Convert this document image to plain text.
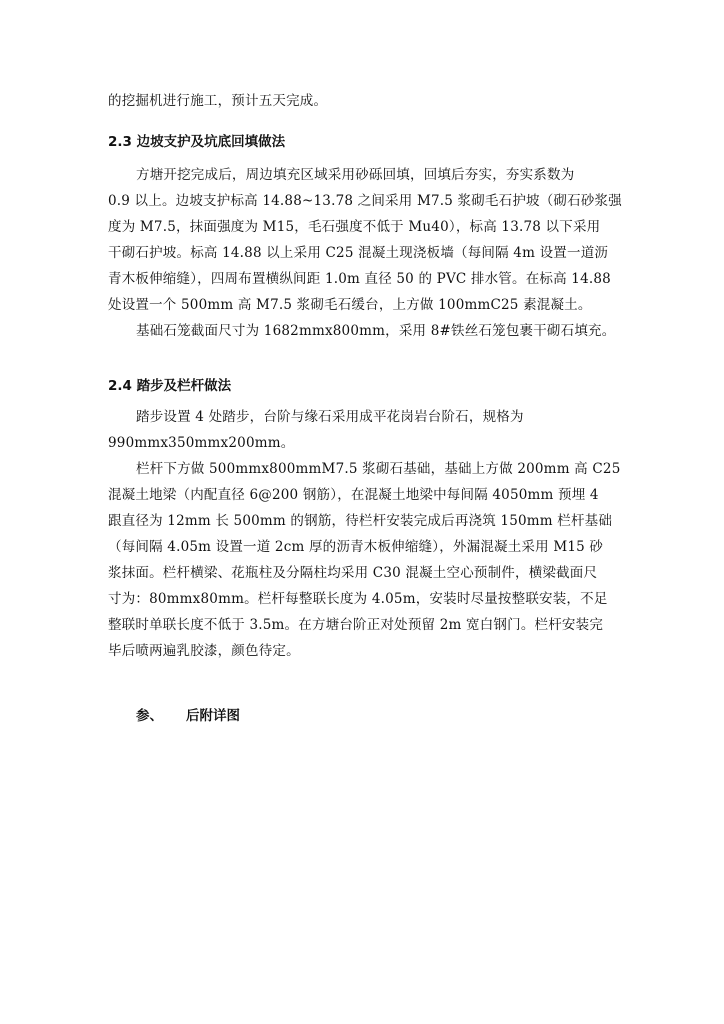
的挖掘机进行施工，预计五天完成。
2.3 边坡支护及坑底回填做法
方塘开挖完成后，周边填充区域采用砂砾回填，回填后夯实，夯实系数为
0.9 以上。边坡支护标高 14.88~13.78 之间采用 M7.5 浆砌毛石护坡（砌石砂浆强
度为 M7.5，抹面强度为 M15，毛石强度不低于 Mu40），标高 13.78 以下采用
干砌石护坡。标高 14.88 以上采用 C25 混凝土现浇板墙（每间隔 4m 设置一道沥
青木板伸缩缝），四周布置横纵间距 1.0m 直径 50 的 PVC 排水管。在标高 14.88
处设置一个 500mm 高 M7.5 浆砌毛石缓台，上方做 100mmC25 素混凝土。
基础石笼截面尺寸为 1682mmx800mm，采用 8#铁丝石笼包裹干砌石填充。
2.4 踏步及栏杆做法
踏步设置 4 处踏步，台阶与缘石采用成平花岗岩台阶石，规格为
990mmx350mmx200mm。
栏杆下方做 500mmx800mmM7.5 浆砌石基础，基础上方做 200mm 高 C25
混凝土地梁（内配直径 6@200 钢筋），在混凝土地梁中每间隔 4050mm 预埋 4
跟直径为 12mm 长 500mm 的钢筋，待栏杆安装完成后再浇筑 150mm 栏杆基础
（每间隔 4.05m 设置一道 2cm 厚的沥青木板伸缩缝），外漏混凝土采用 M15 砂
浆抹面。栏杆横梁、花瓶柱及分隔柱均采用 C30 混凝土空心预制件，横梁截面尺
寸为：80mmx80mm。栏杆每整联长度为 4.05m，安装时尽量按整联安装，不足
整联时单联长度不低于 3.5m。在方塘台阶正对处预留 2m 宽白钢门。栏杆安装完
毕后喷两遍乳胶漆，颜色待定。
参、 后附详图
